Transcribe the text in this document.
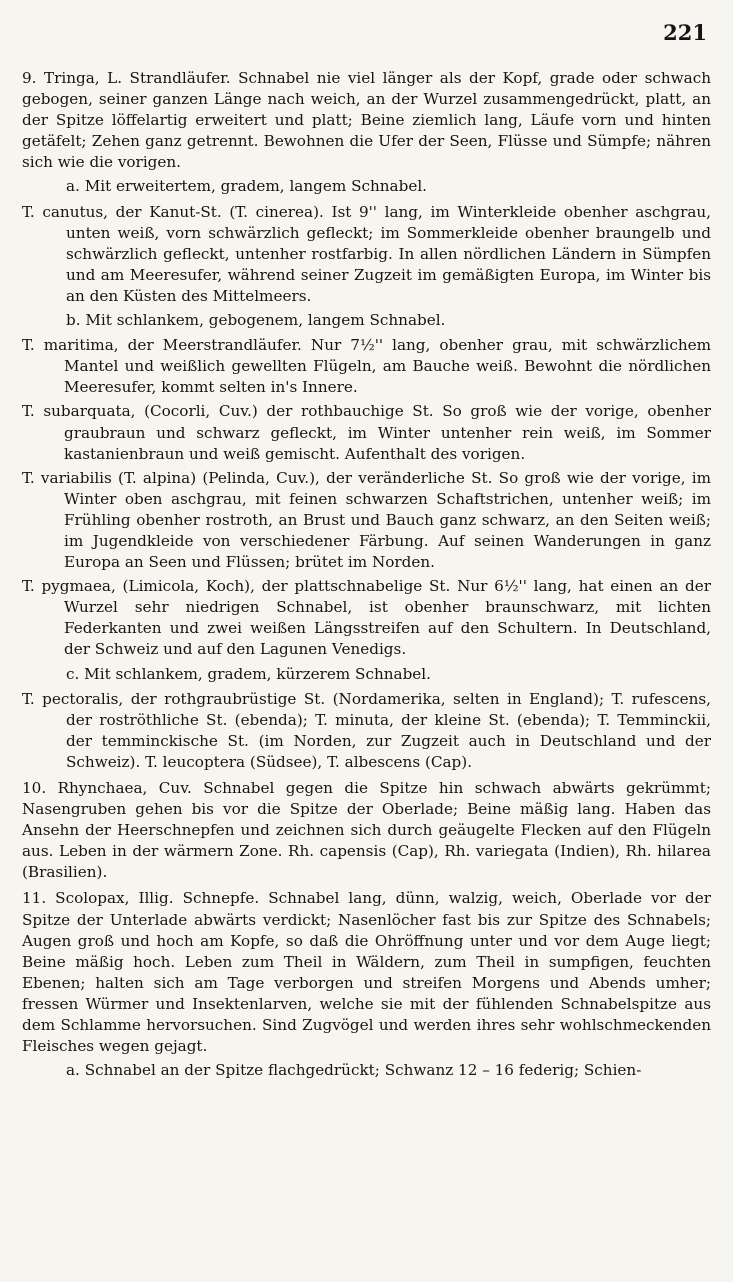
221

9. Tringa, L. Strandläufer. Schnabel nie viel länger als der Kopf, grade oder schwach gebogen, seiner ganzen Länge nach weich, an der Wurzel zusammengedrückt, platt, an der Spitze löffelartig erweitert und platt; Beine ziemlich lang, Läufe vorn und hinten getäfelt; Zehen ganz getrennt. Bewohnen die Ufer der Seen, Flüsse und Sümpfe; nähren sich wie die vorigen.

a. Mit erweitertem, gradem, langem Schnabel.

T. canutus, der Kanut-St. (T. cinerea). Ist 9'' lang, im Winterkleide obenher aschgrau, unten weiß, vorn schwärzlich gefleckt; im Sommerkleide obenher braungelb und schwärzlich gefleckt, untenher rostfarbig. In allen nördlichen Ländern in Sümpfen und am Meeresufer, während seiner Zugzeit im gemäßigten Europa, im Winter bis an den Küsten des Mittelmeers.

b. Mit schlankem, gebogenem, langem Schnabel.

T. maritima, der Meerstrandläufer. Nur 7½'' lang, obenher grau, mit schwärzlichem Mantel und weißlich gewellten Flügeln, am Bauche weiß. Bewohnt die nördlichen Meeresufer, kommt selten in's Innere.

T. subarquata, (Cocorli, Cuv.) der rothbauchige St. So groß wie der vorige, obenher graubraun und schwarz gefleckt, im Winter untenher rein weiß, im Sommer kastanienbraun und weiß gemischt. Aufenthalt des vorigen.

T. variabilis (T. alpina) (Pelinda, Cuv.), der veränderliche St. So groß wie der vorige, im Winter oben aschgrau, mit feinen schwarzen Schaftstrichen, untenher weiß; im Frühling obenher rostroth, an Brust und Bauch ganz schwarz, an den Seiten weiß; im Jugendkleide von verschiedener Färbung. Auf seinen Wanderungen in ganz Europa an Seen und Flüssen; brütet im Norden.

T. pygmaea, (Limicola, Koch), der plattschnabelige St. Nur 6½'' lang, hat einen an der Wurzel sehr niedrigen Schnabel, ist obenher braunschwarz, mit lichten Federkanten und zwei weißen Längsstreifen auf den Schultern. In Deutschland, der Schweiz und auf den Lagunen Venedigs.

c. Mit schlankem, gradem, kürzerem Schnabel.

T. pectoralis, der rothgraubrüstige St. (Nordamerika, selten in England); T. rufescens, der roströthliche St. (ebenda); T. minuta, der kleine St. (ebenda); T. Temminckii, der temminckische St. (im Norden, zur Zugzeit auch in Deutschland und der Schweiz). T. leucoptera (Südsee), T. albescens (Cap).

10. Rhynchaea, Cuv. Schnabel gegen die Spitze hin schwach abwärts gekrümmt; Nasengruben gehen bis vor die Spitze der Oberlade; Beine mäßig lang. Haben das Ansehn der Heerschnepfen und zeichnen sich durch geäugelte Flecken auf den Flügeln aus. Leben in der wärmern Zone. Rh. capensis (Cap), Rh. variegata (Indien), Rh. hilarea (Brasilien).

11. Scolopax, Illig. Schnepfe. Schnabel lang, dünn, walzig, weich, Oberlade vor der Spitze der Unterlade abwärts verdickt; Nasenlöcher fast bis zur Spitze des Schnabels; Augen groß und hoch am Kopfe, so daß die Ohröffnung unter und vor dem Auge liegt; Beine mäßig hoch. Leben zum Theil in Wäldern, zum Theil in sumpfigen, feuchten Ebenen; halten sich am Tage verborgen und streifen Morgens und Abends umher; fressen Würmer und Insektenlarven, welche sie mit der fühlenden Schnabelspitze aus dem Schlamme hervorsuchen. Sind Zugvögel und werden ihres sehr wohlschmeckenden Fleisches wegen gejagt.

a. Schnabel an der Spitze flachgedrückt; Schwanz 12 – 16 federig; Schien-
